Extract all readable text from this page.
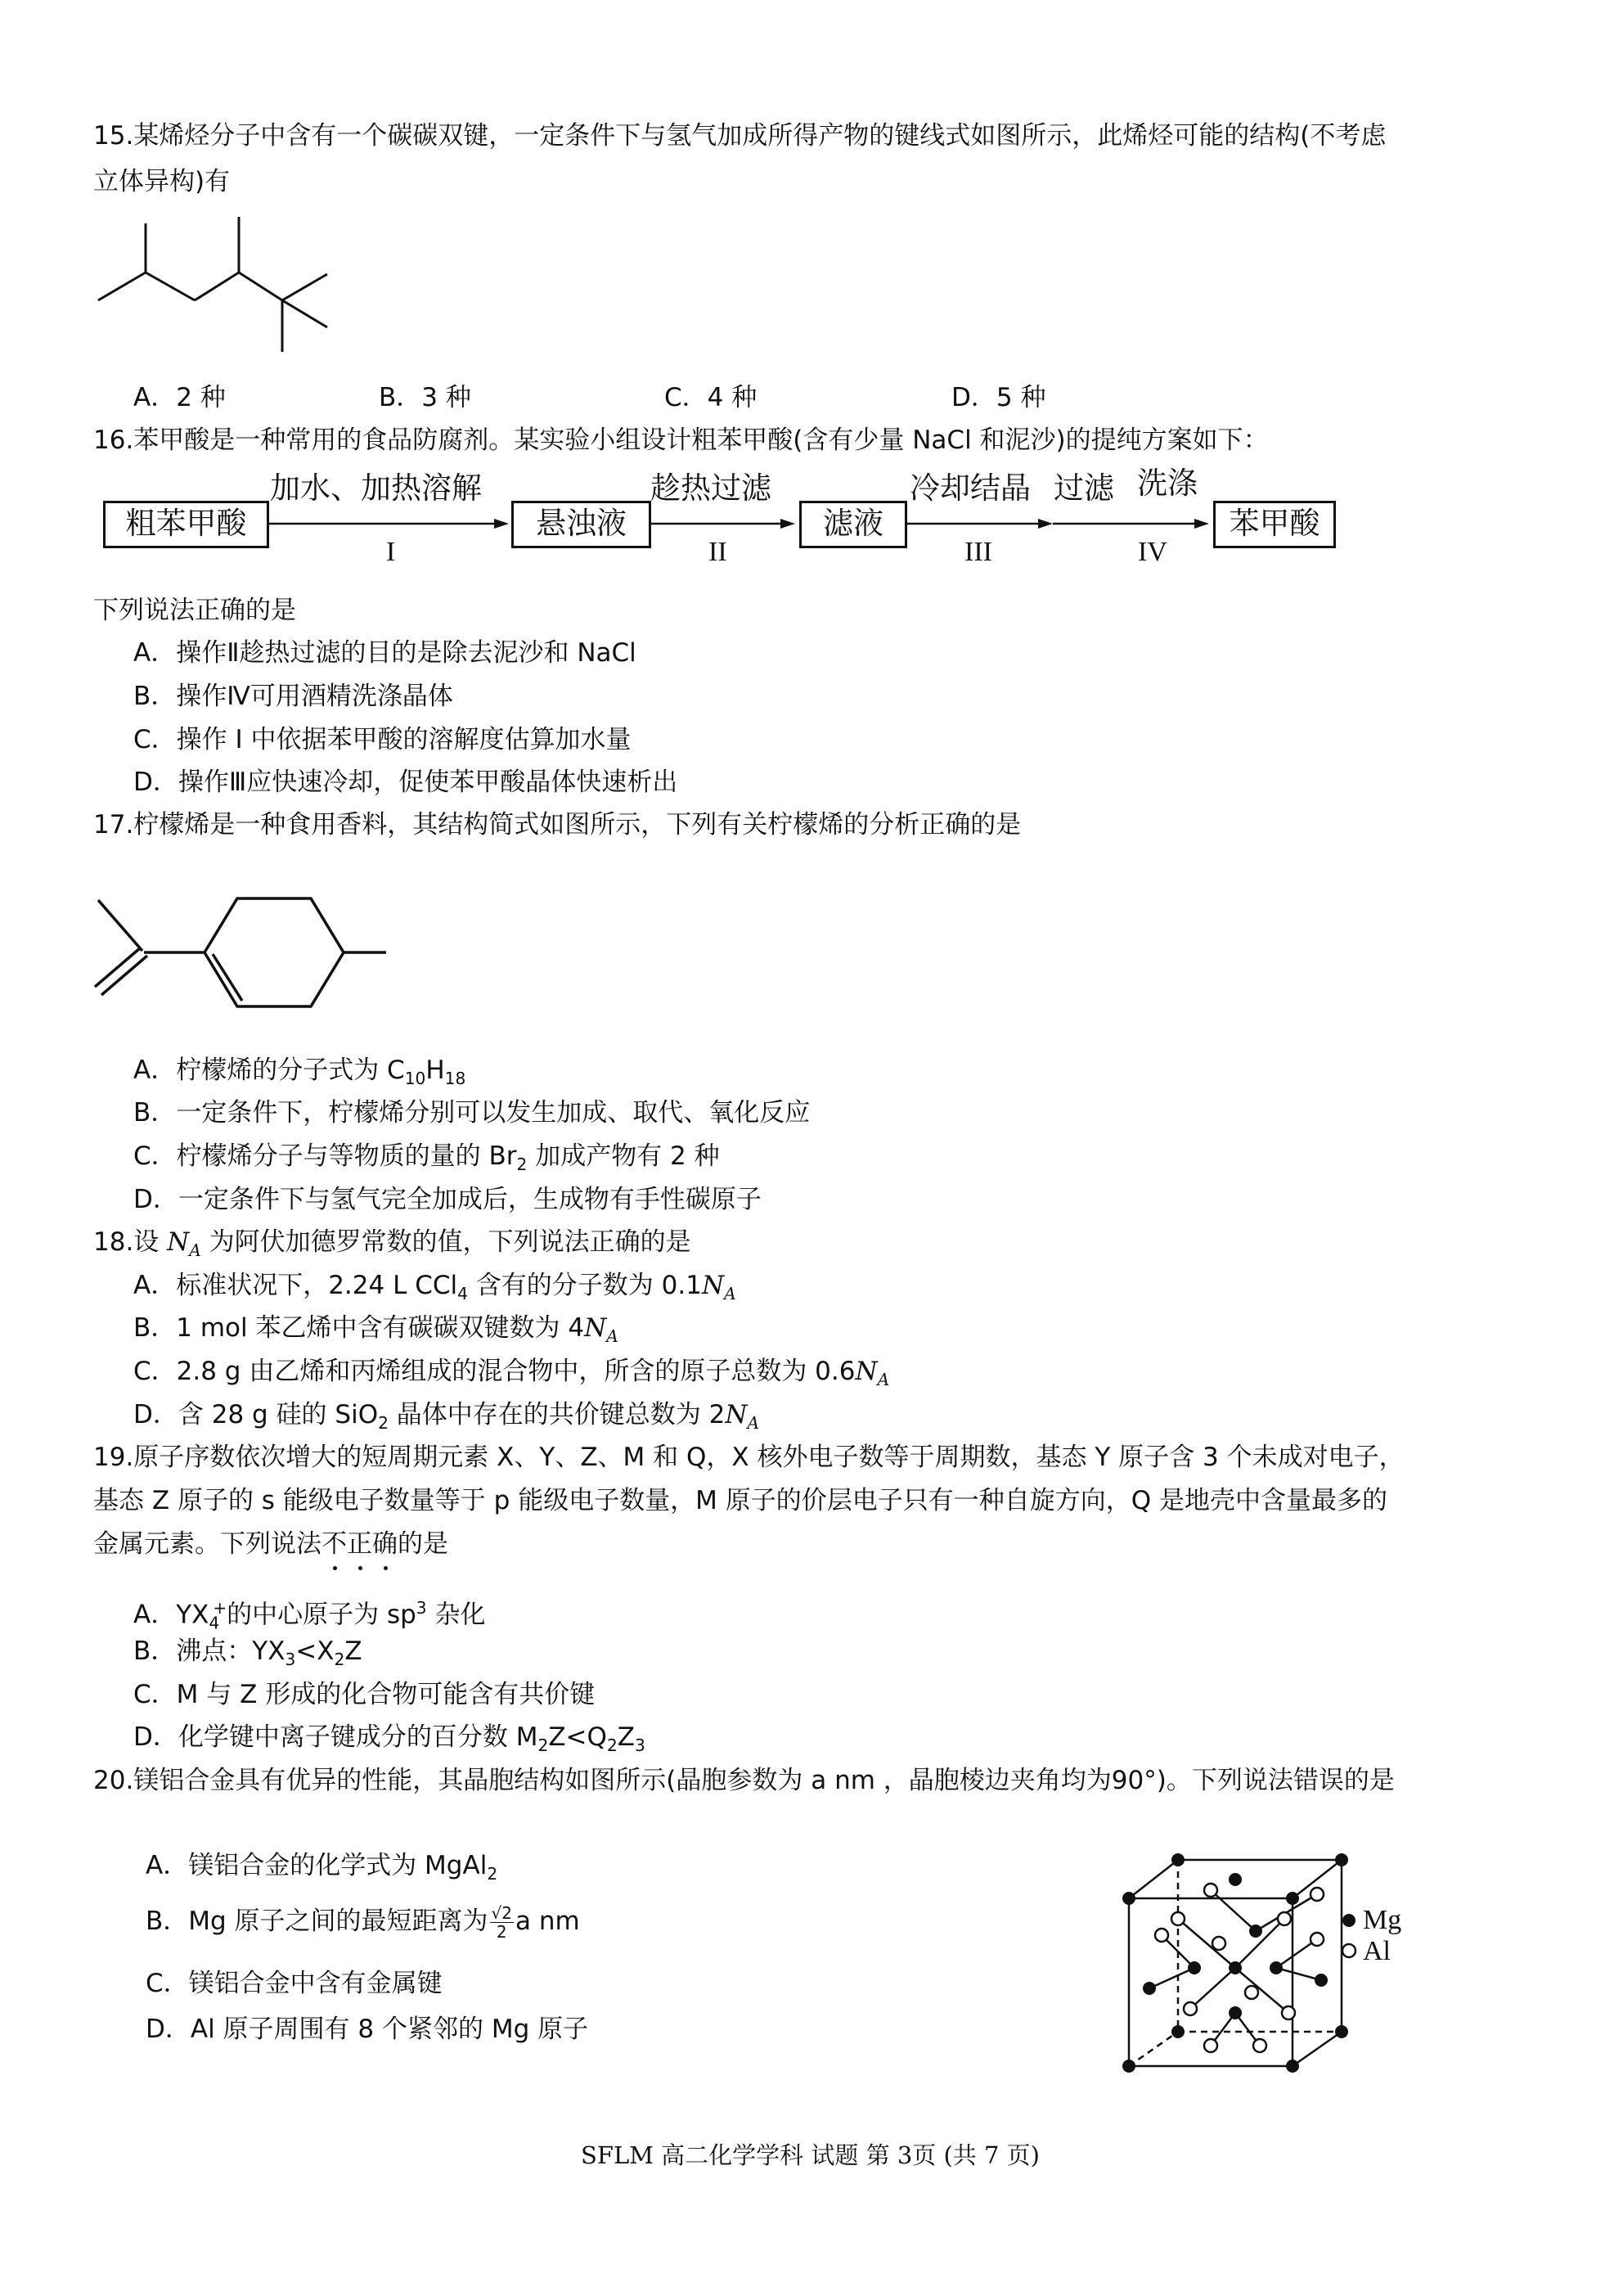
15.某烯烃分子中含有一个碳碳双键，一定条件下与氢气加成所得产物的键线式如图所示，此烯烃可能的结构(不考虑
立体异构)有
A．2 种	B．3 种	C．4 种	D．5 种
16.苯甲酸是一种常用的食品防腐剂。某实验小组设计粗苯甲酸(含有少量 NaCl 和泥沙)的提纯方案如下：
粗苯甲酸	悬浊液	滤液	苯甲酸
加水、加热溶解	趁热过滤	冷却结晶 过滤 洗涤
I	II	III	IV
下列说法正确的是
A．操作Ⅱ趁热过滤的目的是除去泥沙和 NaCl
B．操作Ⅳ可用酒精洗涤晶体
C．操作 I 中依据苯甲酸的溶解度估算加水量
D．操作Ⅲ应快速冷却，促使苯甲酸晶体快速析出
17.柠檬烯是一种食用香料，其结构简式如图所示，下列有关柠檬烯的分析正确的是
A．柠檬烯的分子式为 $C_{10}H_{18}$
B．一定条件下，柠檬烯分别可以发生加成、取代、氧化反应
C．柠檬烯分子与等物质的量的 $Br_2$ 加成产物有 2 种
D．一定条件下与氢气完全加成后，生成物有手性碳原子
18.设 $N_A$ 为阿伏加德罗常数的值，下列说法正确的是
A．标准状况下，2.24 L CCl$_4$ 含有的分子数为 $0.1N_A$
B．1 mol 苯乙烯中含有碳碳双键数为 $4N_A$
C．2.8 g 由乙烯和丙烯组成的混合物中，所含的原子总数为 $0.6N_A$
D．含 28 g 硅的 SiO$_2$ 晶体中存在的共价键总数为 $2N_A$
19.原子序数依次增大的短周期元素 X、Y、Z、M 和 Q，X 核外电子数等于周期数，基态 Y 原子含 3 个未成对电子，
基态 Z 原子的 s 能级电子数量等于 p 能级电子数量，M 原子的价层电子只有一种自旋方向，Q 是地壳中含量最多的
金属元素。下列说法不正确的是
A．$YX_4^+$的中心原子为 $sp^3$ 杂化
B．沸点：$YX_3<X_2Z$
C．M 与 Z 形成的化合物可能含有共价键
D．化学键中离子键成分的百分数 $M_2Z<Q_2Z_3$
20.镁铝合金具有优异的性能，其晶胞结构如图所示(晶胞参数为 a nm ，晶胞棱边夹角均为90°)。下列说法错误的是
A．镁铝合金的化学式为 MgAl$_2$
B．Mg 原子之间的最短距离为 $\frac{√2}{2}$ a nm
C．镁铝合金中含有金属键
D．Al 原子周围有 8 个紧邻的 Mg 原子
Mg
Al
SFLM 高二化学学科 试题 第 3页 (共 7 页)
